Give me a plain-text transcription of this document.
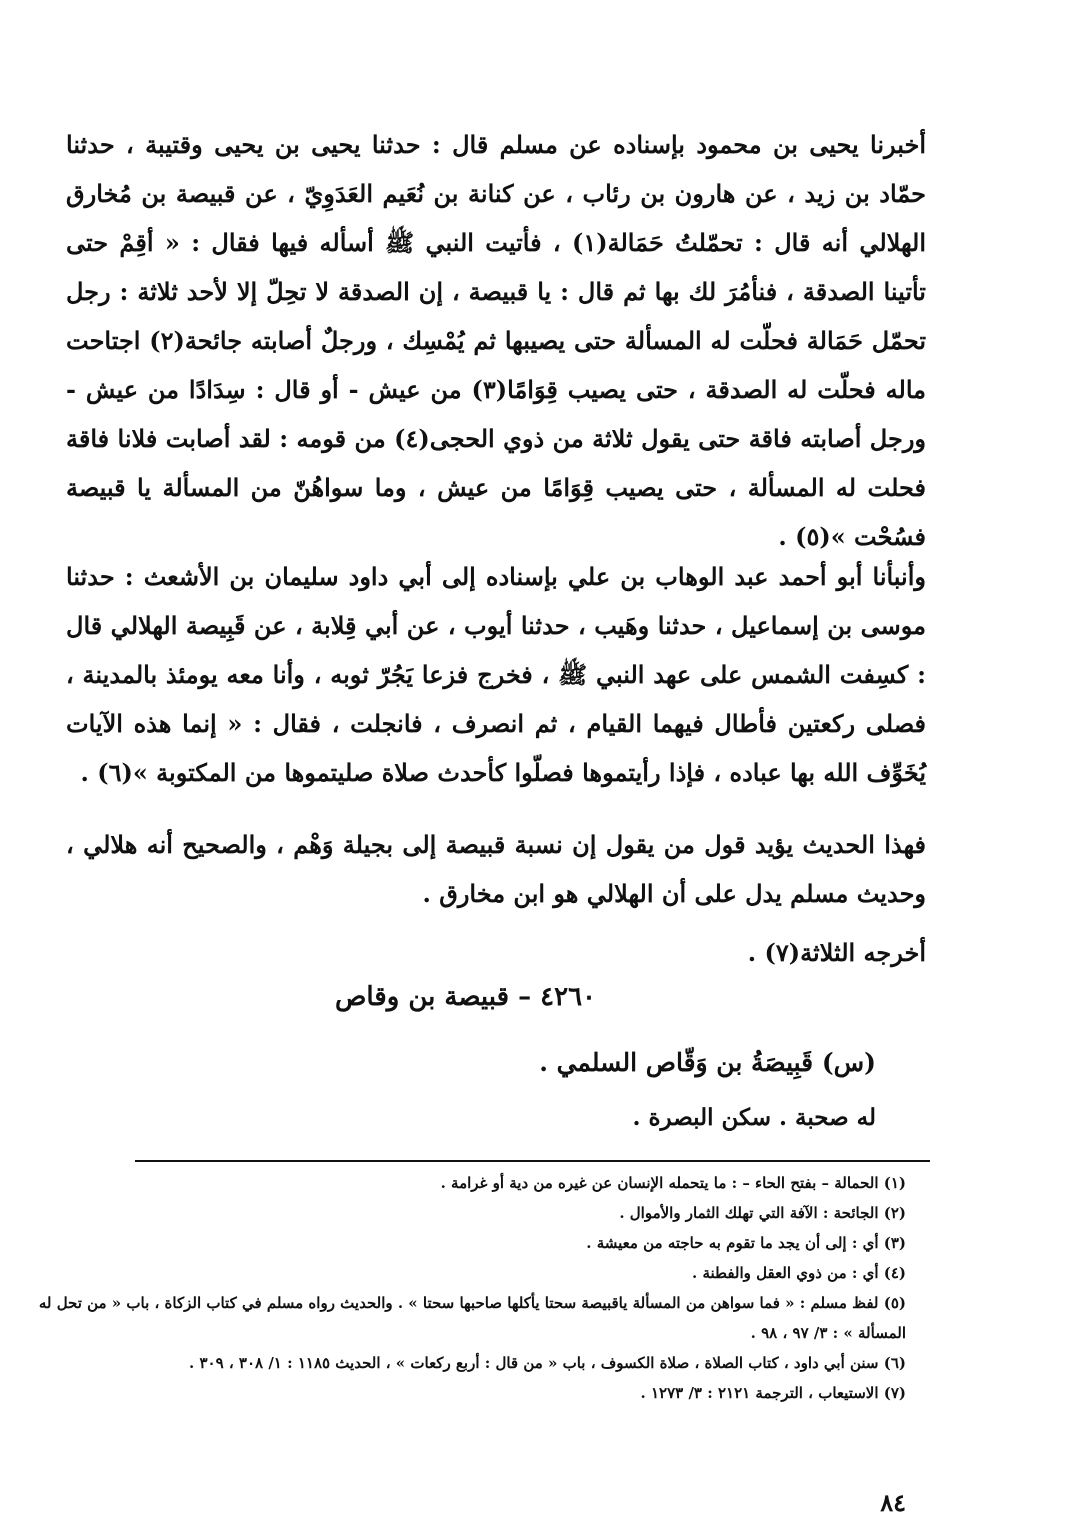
أخبرنا يحيى بن محمود بإسناده عن مسلم قال : حدثنا يحيى بن يحيى وقتيبة ، حدثنا حمّاد بن زيد ، عن هارون بن رئاب ، عن كنانة بن نُعَيم العَدَوِيّ ، عن قبيصة بن مُخارق الهلالي أنه قال : تحمّلتُ حَمَالة(١) ، فأتيت النبي ﷺ أسأله فيها فقال : « أقِمْ حتى تأتينا الصدقة ، فنأمُرَ لك بها ثم قال : يا قبيصة ، إن الصدقة لا تحِلّ إلا لأحد ثلاثة : رجل تحمّل حَمَالة فحلّت له المسألة حتى يصيبها ثم يُمْسِك ، ورجلٌ أصابته جائحة(٢) اجتاحت ماله فحلّت له الصدقة ، حتى يصيب قِوَامًا(٣) من عيش - أو قال : سِدَادًا من عيش - ورجل أصابته فاقة حتى يقول ثلاثة من ذوي الحجى(٤) من قومه : لقد أصابت فلانا فاقة فحلت له المسألة ، حتى يصيب قِوَامًا من عيش ، وما سواهُنّ من المسألة يا قبيصة فسُحْت »(٥) .

وأنبأنا أبو أحمد عبد الوهاب بن علي بإسناده إلى أبي داود سليمان بن الأشعث : حدثنا موسى بن إسماعيل ، حدثنا وهَيب ، حدثنا أيوب ، عن أبي قِلابة ، عن قَبِيصة الهلالي قال : كسِفت الشمس على عهد النبي ﷺ ، فخرج فزعا يَجُرّ ثوبه ، وأنا معه يومئذ بالمدينة ، فصلى ركعتين فأطال فيهما القيام ، ثم انصرف ، فانجلت ، فقال : « إنما هذه الآيات يُخَوِّف الله بها عباده ، فإذا رأيتموها فصلّوا كأحدث صلاة صليتموها من المكتوبة »(٦) .

فهذا الحديث يؤيد قول من يقول إن نسبة قبيصة إلى بجيلة وَهْم ، والصحيح أنه هلالي ، وحديث مسلم يدل على أن الهلالي هو ابن مخارق .

أخرجه الثلاثة(٧) .

٤٢٦٠ – قبيصة بن وقاص
(س) قَبِيصَةُ بن وَقّاص السلمي .
له صحبة . سكن البصرة .

(١) الحمالة – بفتح الحاء – : ما يتحمله الإنسان عن غيره من دية أو غرامة .

(٢) الجائحة : الآفة التي تهلك الثمار والأموال .

(٣) أي : إلى أن يجد ما تقوم به حاجته من معيشة .

(٤) أي : من ذوي العقل والفطنة .

(٥) لفظ مسلم : « فما سواهن من المسألة ياقبيصة سحتا يأكلها صاحبها سحتا » . والحديث رواه مسلم في كتاب الزكاة ، باب « من تحل له المسألة » : ٣/ ٩٧ ، ٩٨ .

(٦) سنن أبي داود ، كتاب الصلاة ، صلاة الكسوف ، باب « من قال : أربع ركعات » ، الحديث ١١٨٥ : ١/ ٣٠٨ ، ٣٠٩ .

(٧) الاستيعاب ، الترجمة ٢١٢١ : ٣/ ١٢٧٣ .

٨٤
